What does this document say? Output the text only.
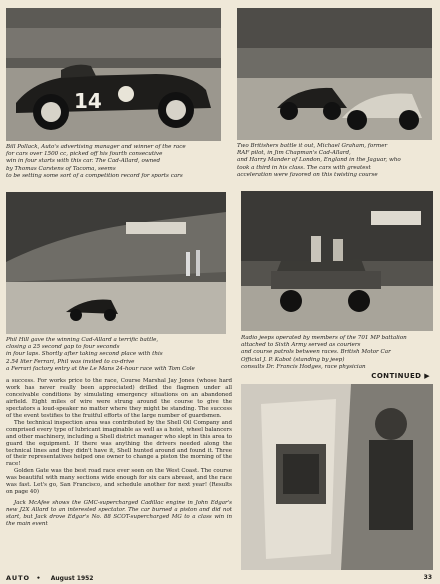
14
Bill Pollack, Auto's advertising manager and winner of the race
for cars over 1500 cc, picked off his fourth consecutive
win in four starts with this car. The Cad-Allard, owned
by Thomas Carstens of Tacoma, seems
to be setting some sort of a competition record for sports cars
Two Britishers battle it out, Michael Graham, former
RAF pilot, in Jim Chapman's Cad-Allard,
and Harry Mander of London, England in the Jaguar, who
took a third in his class. The cars with greatest
acceleration were favored on this twisting course
Phil Hill gave the winning Cad-Allard a terrific battle,
closing a 25 second gap to four seconds
in four laps. Shortly after taking second place with this
2.54 liter Ferrari, Phil was invited to co-drive
a Ferrari factory entry at the Le Mans 24-hour race with Tom Cole
Radio jeeps operated by members of the 701 MP battalion
attached to Sixth Army served as couriers
and course patrols between races. British Motor Car
Official J. P. Kabot (standing by jeep)
consults Dr. Francis Hodges, race physician
CONTINUED ▶

a success. For works price to the race, Course Marshal Jay Jones (whose hard work has never really been appreciated) drilled the flagmen under all conceivable conditions by simulating emergency situations on an abandoned airfield. Eight miles of wire were strung around the course to give the spectators a loud-speaker no matter where they might be standing. The success of the event testifies to the fruitful efforts of the large number of guardsmen.

The technical inspection area was contributed by the Shell Oil Company and comprised every type of lubricant imaginable as well as a hoist, wheel balancers and other machinery, including a Shell district manager who slept in this area to guard the equipment. If there was anything the drivers needed along the technical lines and they didn't have it, Shell hunted around and found it. Three of their representatives helped one owner to change a piston the morning of the race!

Golden Gate was the best road race ever seen on the West Coast. The course was beautiful with many sections wide enough for six cars abreast, and the race was fast. Let's go, San Francisco, and schedule another for next year! (Results on page 40)

Jack McAfee shows the GMC-supercharged Cadillac engine in John Edgar's new J2X Allard to an interested spectator. The car burned a piston and did not start, but Jack drove Edgar's No. 88 SCOT-supercharged MG to a class win in the main event

AUTO • August 1952	33
